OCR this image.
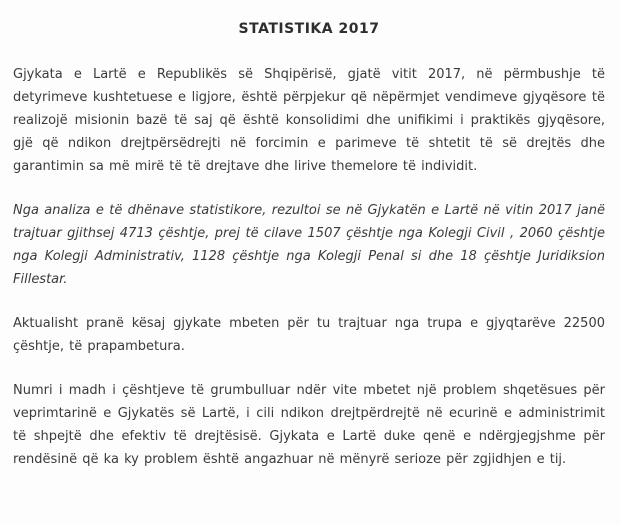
STATISTIKA 2017

Gjykata e Lartë e Republikës së Shqipërisë, gjatë vitit 2017, në përmbushje të detyrimeve kushtetuese e ligjore, është përpjekur që nëpërmjet vendimeve gjyqësore të realizojë misionin bazë të saj që është konsolidimi dhe unifikimi i praktikës gjyqësore, gjë që ndikon drejtpërsëdrejti në forcimin e parimeve të shtetit të së drejtës dhe garantimin sa më mirë të të drejtave dhe lirive themelore të individit.

Nga analiza e të dhënave statistikore, rezultoi se në Gjykatën e Lartë në vitin 2017 janë trajtuar gjithsej 4713 çështje, prej të cilave 1507 çështje nga Kolegji Civil , 2060 çështje nga Kolegji Administrativ, 1128 çështje nga Kolegji Penal si dhe 18 çështje Juridiksion Fillestar.

Aktualisht pranë kësaj gjykate mbeten për tu trajtuar nga trupa e gjyqtarëve 22500 çështje, të prapambetura.

Numri i madh i çështjeve të grumbulluar ndër vite mbetet një problem shqetësues për veprimtarinë e Gjykatës së Lartë, i cili ndikon drejtpërdrejtë në ecurinë e administrimit të shpejtë dhe efektiv të drejtësisë. Gjykata e Lartë duke qenë e ndërgjegjshme për rendësinë që ka ky problem është angazhuar në mënyrë serioze për zgjidhjen e tij.
